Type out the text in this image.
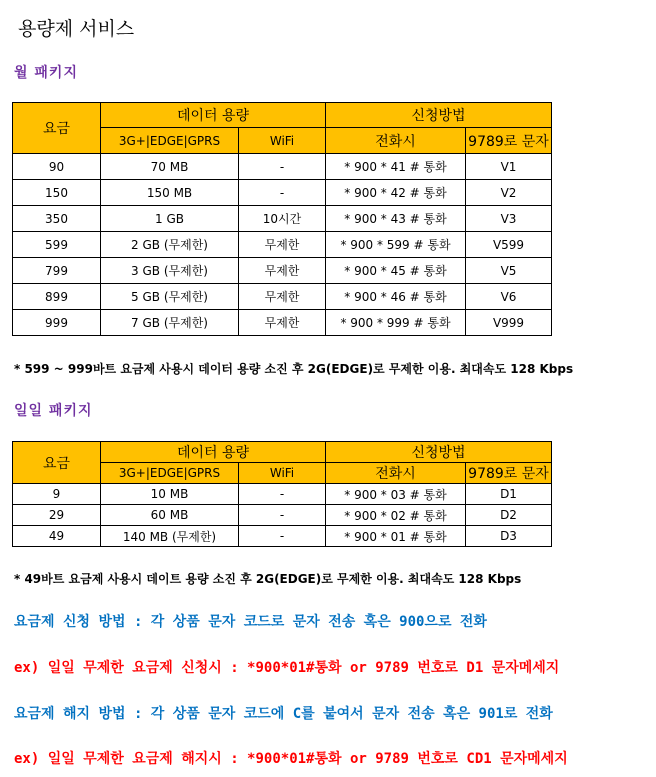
용량제 서비스
월 패키지
요금	데이터 용량		신청방법	
	3G+|EDGE|GPRS	WiFi	전화시	9789로 문자
90	70 MB	-	* 900 * 41 # 통화	V1
150	150 MB	-	* 900 * 42 # 통화	V2
350	1 GB	10시간	* 900 * 43 # 통화	V3
599	2 GB (무제한)	무제한	* 900 * 599 # 통화	V599
799	3 GB (무제한)	무제한	* 900 * 45 # 통화	V5
899	5 GB (무제한)	무제한	* 900 * 46 # 통화	V6
999	7 GB (무제한)	무제한	* 900 * 999 # 통화	V999
* 599 ~ 999바트 요금제 사용시 데이터 용량 소진 후 2G(EDGE)로 무제한 이용. 최대속도 128 Kbps
일일 패키지
요금	데이터 용량		신청방법	
	3G+|EDGE|GPRS	WiFi	전화시	9789로 문자
9	10 MB	-	* 900 * 03 # 통화	D1
29	60 MB	-	* 900 * 02 # 통화	D2
49	140 MB (무제한)	-	* 900 * 01 # 통화	D3
* 49바트 요금제 사용시 데이트 용량 소진 후 2G(EDGE)로 무제한 이용. 최대속도 128 Kbps
요금제 신청 방법 : 각 상품 문자 코드로 문자 전송 혹은 900으로 전화
ex) 일일 무제한 요금제 신청시 : *900*01#통화 or 9789 번호로 D1 문자메세지
요금제 해지 방법 : 각 상품 문자 코드에 C를 붙여서 문자 전송 혹은 901로 전화
ex) 일일 무제한 요금제 해지시 : *900*01#통화 or 9789 번호로 CD1 문자메세지
